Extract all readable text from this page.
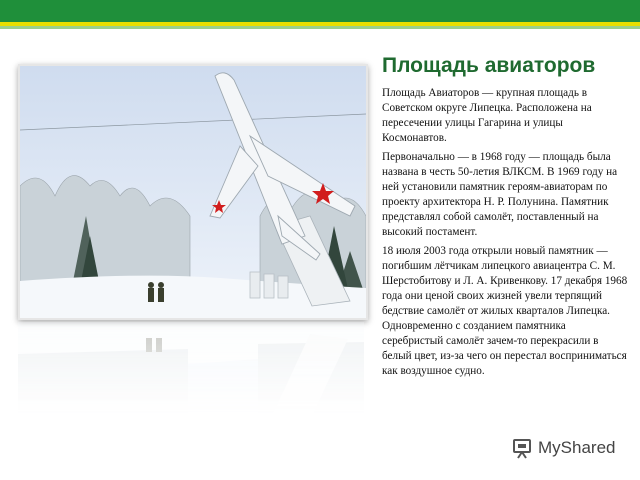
Площадь авиаторов

Площадь Авиаторов — крупная площадь в Советском округе Липецка. Расположена на пересечении улицы Гагарина и улицы Космонавтов.

Первоначально — в 1968 году — площадь была названа в честь 50-летия ВЛКСМ. В 1969 году на ней установили памятник героям-авиаторам по проекту архитектора Н. Р. Полунина. Памятник представлял собой самолёт, поставленный на высокий постамент.

18 июля 2003 года открыли новый памятник — погибшим лётчикам липецкого авиацентра С. М. Шерстобитову и Л. А. Кривенкову. 17 декабря 1968 года они ценой своих жизней увели терпящий бедствие самолёт от жилых кварталов Липецка. Одновременно с созданием памятника серебристый самолёт зачем-то перекрасили в белый цвет, из-за чего он перестал восприниматься как воздушное судно.

MyShared
